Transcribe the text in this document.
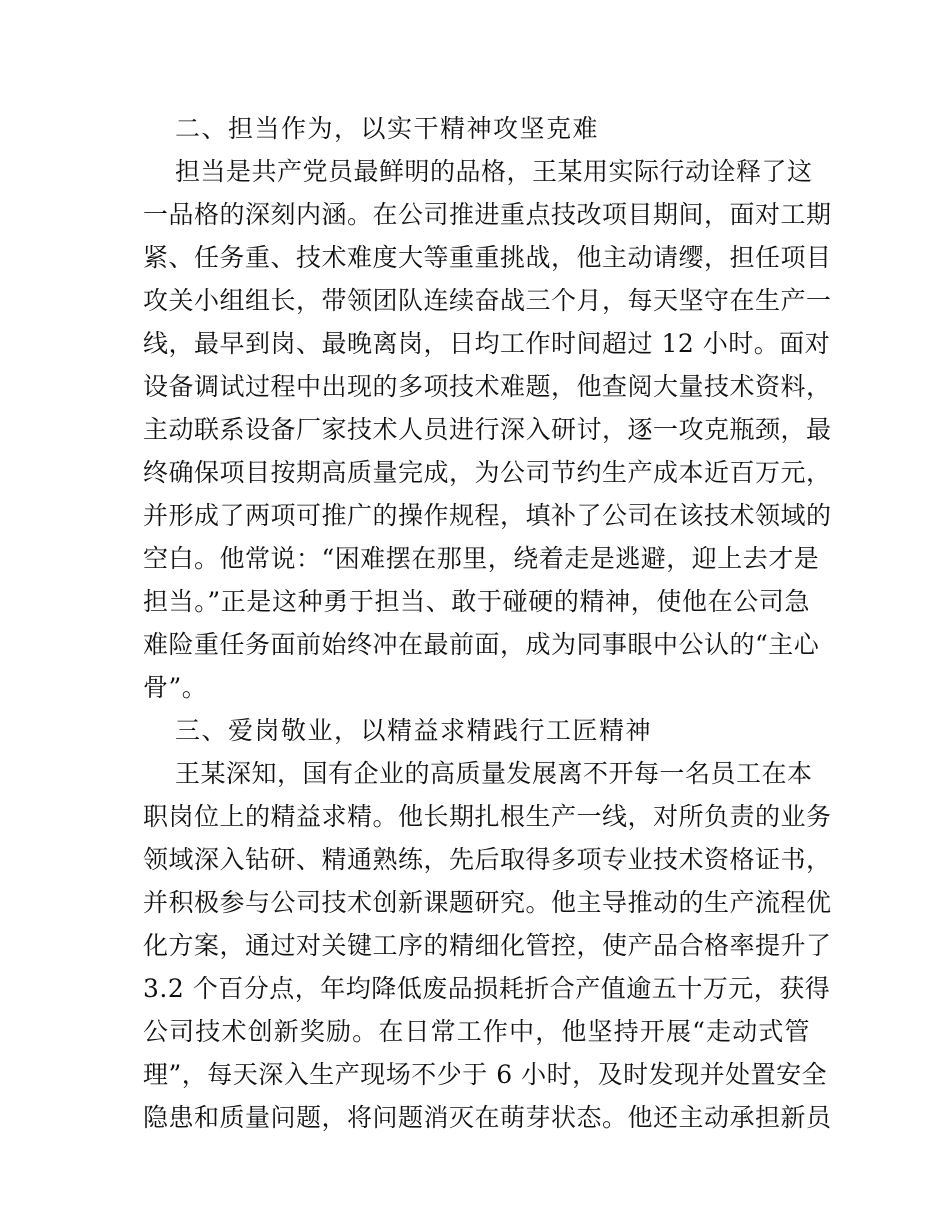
二、担当作为，以实干精神攻坚克难
担当是共产党员最鲜明的品格，王某用实际行动诠释了这
一品格的深刻内涵。在公司推进重点技改项目期间，面对工期
紧、任务重、技术难度大等重重挑战，他主动请缨，担任项目
攻关小组组长，带领团队连续奋战三个月，每天坚守在生产一
线，最早到岗、最晚离岗，日均工作时间超过 12 小时。面对
设备调试过程中出现的多项技术难题，他查阅大量技术资料，
主动联系设备厂家技术人员进行深入研讨，逐一攻克瓶颈，最
终确保项目按期高质量完成，为公司节约生产成本近百万元，
并形成了两项可推广的操作规程，填补了公司在该技术领域的
空白。他常说：“困难摆在那里，绕着走是逃避，迎上去才是
担当。”正是这种勇于担当、敢于碰硬的精神，使他在公司急
难险重任务面前始终冲在最前面，成为同事眼中公认的“主心
骨”。
三、爱岗敬业，以精益求精践行工匠精神
王某深知，国有企业的高质量发展离不开每一名员工在本
职岗位上的精益求精。他长期扎根生产一线，对所负责的业务
领域深入钻研、精通熟练，先后取得多项专业技术资格证书，
并积极参与公司技术创新课题研究。他主导推动的生产流程优
化方案，通过对关键工序的精细化管控，使产品合格率提升了
3.2 个百分点，年均降低废品损耗折合产值逾五十万元，获得
公司技术创新奖励。在日常工作中，他坚持开展“走动式管
理”，每天深入生产现场不少于 6 小时，及时发现并处置安全
隐患和质量问题，将问题消灭在萌芽状态。他还主动承担新员
